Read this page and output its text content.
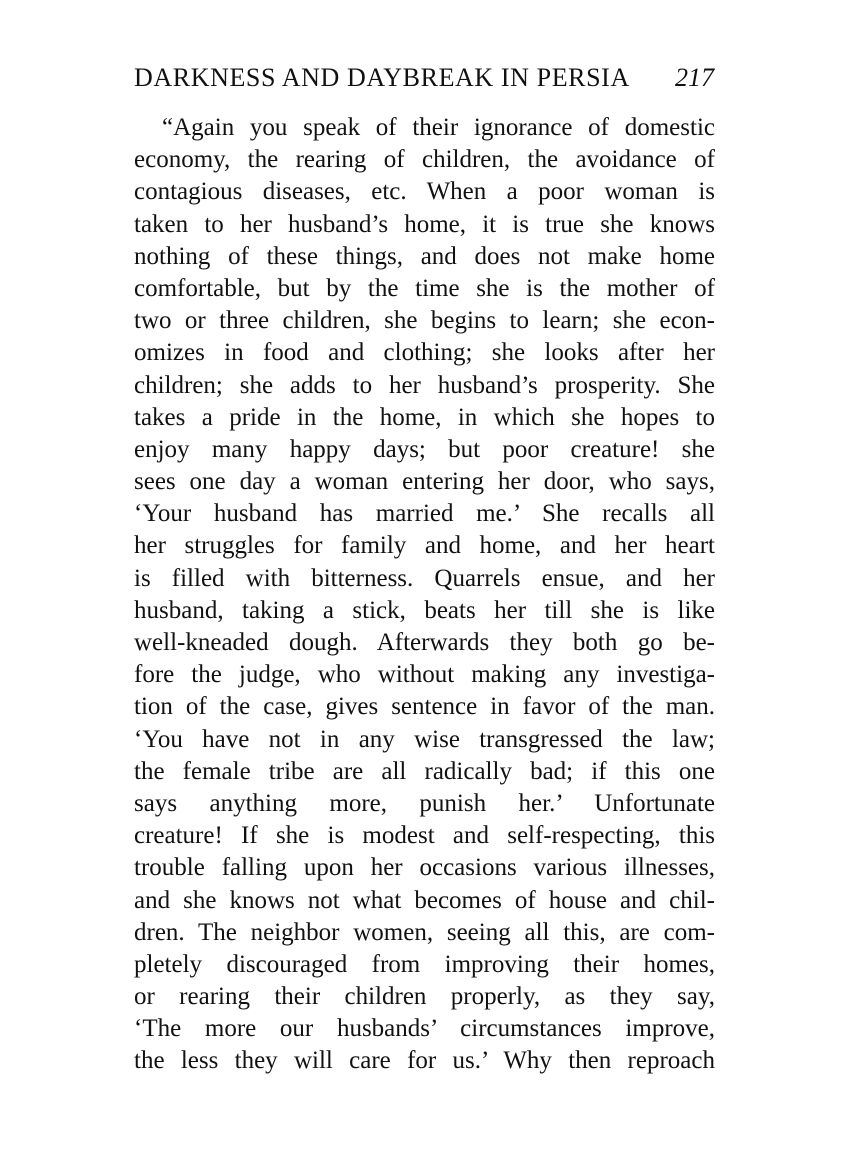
DARKNESS AND DAYBREAK IN PERSIA 217
“Again you speak of their ignorance of domestic
economy, the rearing of children, the avoidance of
contagious diseases, etc. When a poor woman is
taken to her husband’s home, it is true she knows
nothing of these things, and does not make home
comfortable, but by the time she is the mother of
two or three children, she begins to learn; she econ-
omizes in food and clothing; she looks after her
children; she adds to her husband’s prosperity. She
takes a pride in the home, in which she hopes to
enjoy many happy days; but poor creature! she
sees one day a woman entering her door, who says,
‘Your husband has married me.’ She recalls all
her struggles for family and home, and her heart
is filled with bitterness. Quarrels ensue, and her
husband, taking a stick, beats her till she is like
well-kneaded dough. Afterwards they both go be-
fore the judge, who without making any investiga-
tion of the case, gives sentence in favor of the man.
‘You have not in any wise transgressed the law;
the female tribe are all radically bad; if this one
says anything more, punish her.’ Unfortunate
creature! If she is modest and self-respecting, this
trouble falling upon her occasions various illnesses,
and she knows not what becomes of house and chil-
dren. The neighbor women, seeing all this, are com-
pletely discouraged from improving their homes,
or rearing their children properly, as they say,
‘The more our husbands’ circumstances improve,
the less they will care for us.’ Why then reproach
